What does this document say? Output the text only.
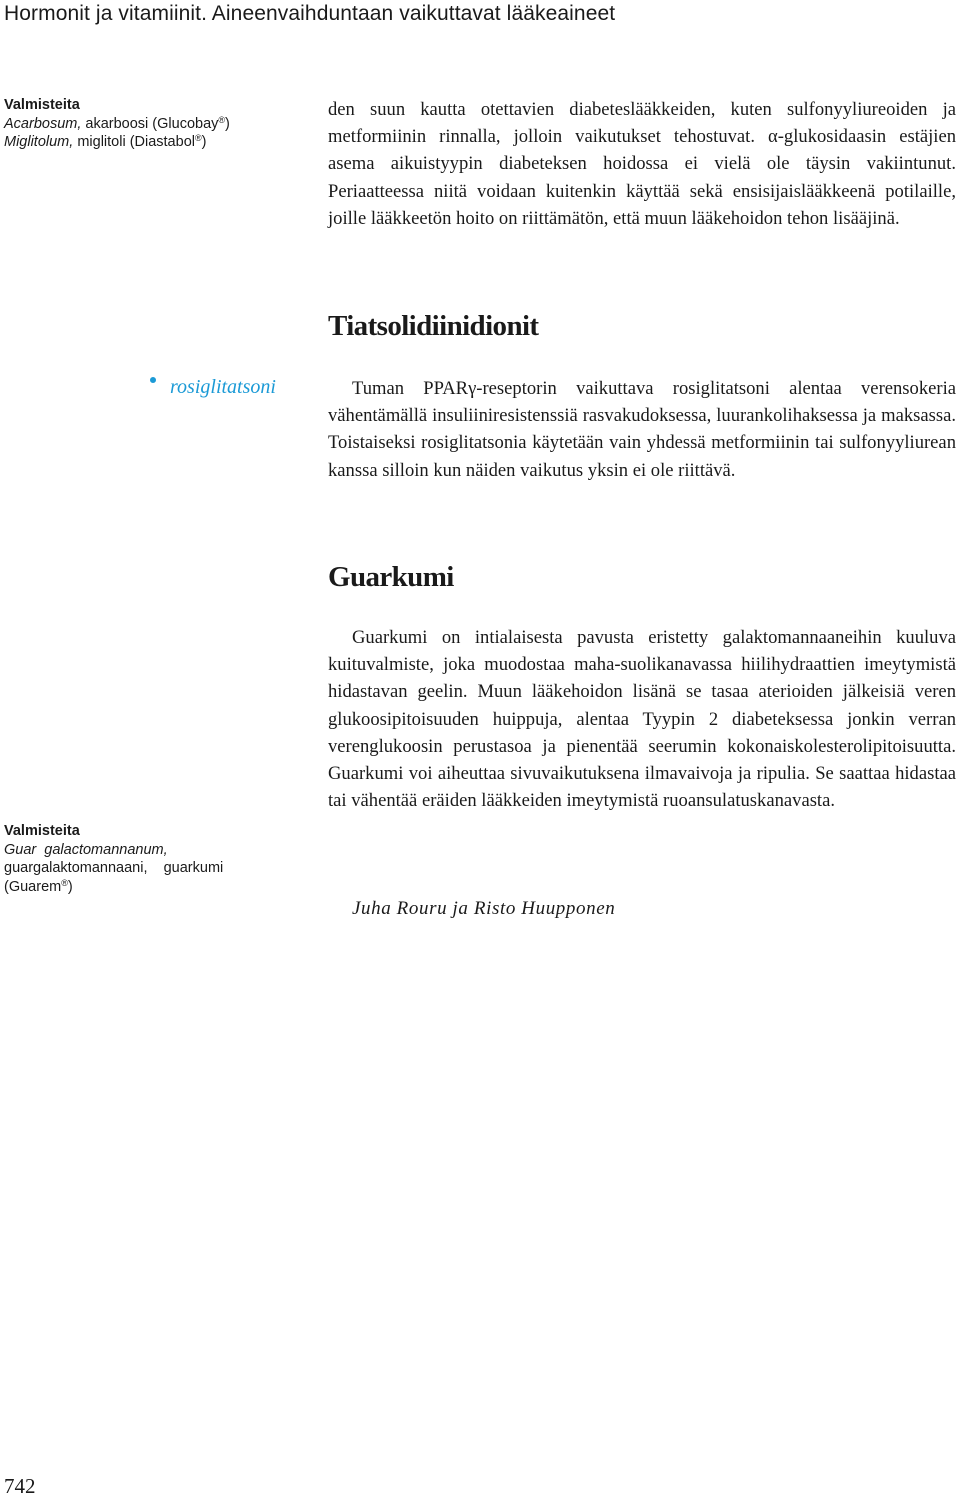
Hormonit ja vitamiinit. Aineenvaihduntaan vaikuttavat lääkeaineet
Valmisteita
Acarbosum, akarboosi (Glucobay®)
Miglitolum, miglitoli (Diastabol®)

den suun kautta otettavien diabeteslääkkeiden, kuten sulfonyyliureoiden ja metformiinin rinnalla, jolloin vaikutukset tehostuvat. α-glukosidaasin estäjien asema aikuistyypin diabeteksen hoidossa ei vielä ole täysin vakiintunut. Periaatteessa niitä voidaan kuitenkin käyttää sekä ensisijaislääkkeenä potilaille, joille lääkkeetön hoito on riittämätön, että muun lääkehoidon tehon lisääjinä.

Tiatsolidiinidionit
rosiglitatsoni	Tuman PPARγ-reseptorin vaikuttava rosiglitatsoni alentaa verensokeria vähentämällä insuliiniresistenssiä rasvakudoksessa, luurankolihaksessa ja maksassa. Toistaiseksi rosiglitatsonia käytetään vain yhdessä metformiinin tai sulfonyyliurean kanssa silloin kun näiden vaikutus yksin ei ole riittävä.

Guarkumi

Guarkumi on intialaisesta pavusta eristetty galaktomannaaneihin kuuluva kuituvalmiste, joka muodostaa maha-suolikanavassa hiilihydraattien imeytymistä hidastavan geelin. Muun lääkehoidon lisänä se tasaa aterioiden jälkeisiä veren glukoosipitoisuuden huippuja, alentaa Tyypin 2 diabeteksessa jonkin verran verenglukoosin perustasoa ja pienentää seerumin kokonaiskolesterolipitoisuutta. Guarkumi voi aiheuttaa sivuvaikutuksena ilmavaivoja ja ripulia. Se saattaa hidastaa tai vähentää eräiden lääkkeiden imeytymistä ruoansulatuskanavasta.

Valmisteita
Guar  galactomannanum,
guargalaktomannaani,    guarkumi
(Guarem®)

Juha Rouru ja Risto Huupponen

742
